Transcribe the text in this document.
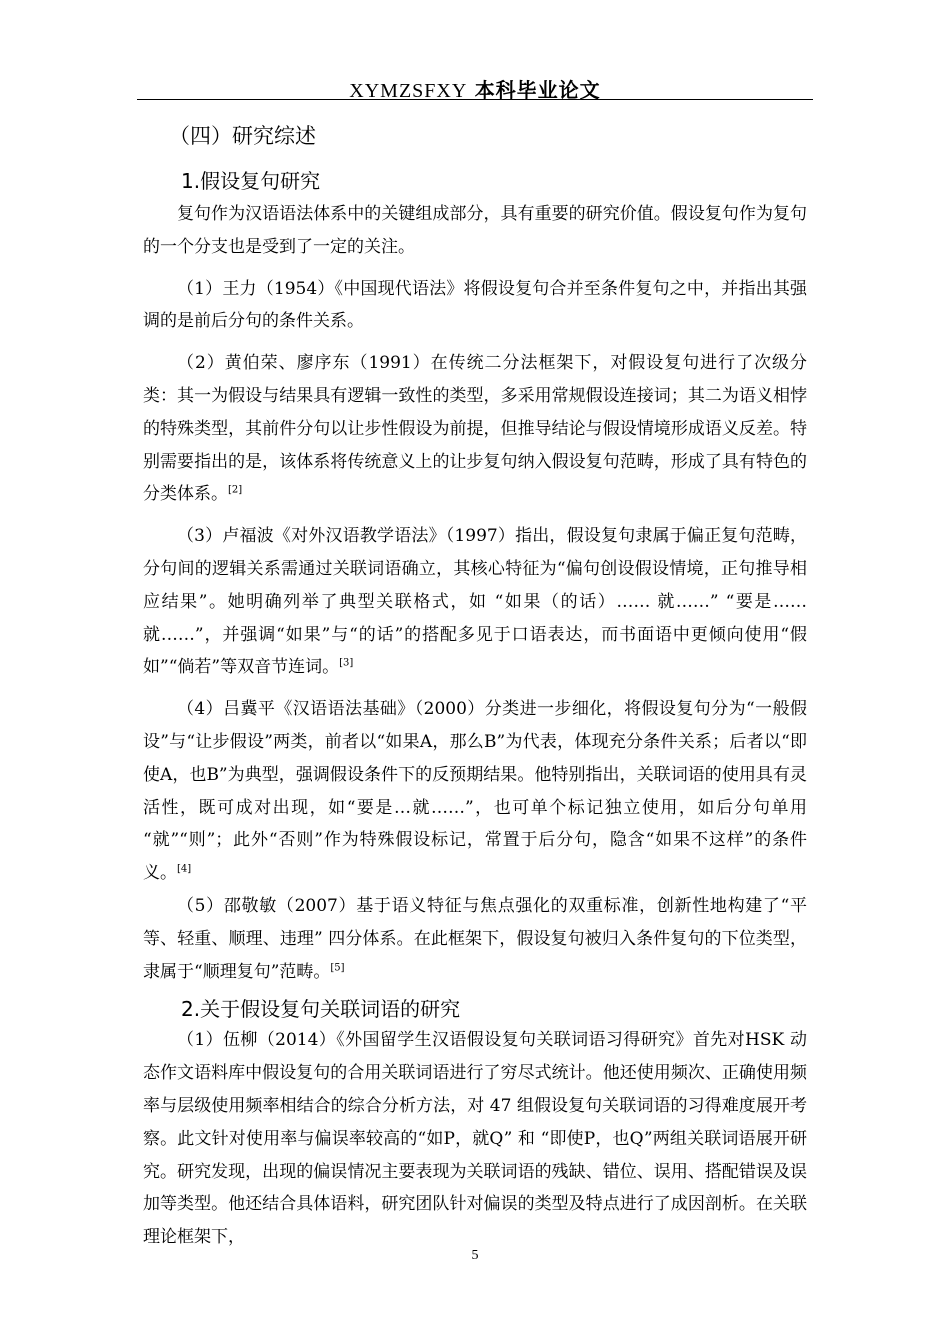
XYMZSFXY 本科毕业论文
（四）研究综述
1.假设复句研究

复句作为汉语语法体系中的关键组成部分，具有重要的研究价值。假设复句作为复句的一个分支也是受到了一定的关注。

（1）王力（1954）《中国现代语法》将假设复句合并至条件复句之中，并指出其强调的是前后分句的条件关系。

（2）黄伯荣、廖序东（1991）在传统二分法框架下，对假设复句进行了次级分类：其一为假设与结果具有逻辑一致性的类型，多采用常规假设连接词；其二为语义相悖的特殊类型，其前件分句以让步性假设为前提，但推导结论与假设情境形成语义反差。特别需要指出的是，该体系将传统意义上的让步复句纳入假设复句范畴，形成了具有特色的分类体系。[2]

（3）卢福波《对外汉语教学语法》（1997）指出，假设复句隶属于偏正复句范畴，分句间的逻辑关系需通过关联词语确立，其核心特征为“偏句创设假设情境，正句推导相应结果”。她明确列举了典型关联格式，如 “如果（的话）…… 就……” “要是…… 就……”，并强调“如果”与“的话”的搭配多见于口语表达，而书面语中更倾向使用“假如”“倘若”等双音节连词。[3]

（4）吕冀平《汉语语法基础》（2000）分类进一步细化，将假设复句分为“一般假设”与“让步假设”两类，前者以“如果A，那么B”为代表，体现充分条件关系；后者以“即使A，也B”为典型，强调假设条件下的反预期结果。他特别指出，关联词语的使用具有灵活性，既可成对出现，如“要是…就……”，也可单个标记独立使用，如后分句单用 “就”“则”；此外“否则”作为特殊假设标记，常置于后分句，隐含“如果不这样”的条件义。[4]

（5）邵敬敏（2007）基于语义特征与焦点强化的双重标准，创新性地构建了“平等、轻重、顺理、违理” 四分体系。在此框架下，假设复句被归入条件复句的下位类型，隶属于“顺理复句”范畴。[5]

2.关于假设复句关联词语的研究

（1）伍柳（2014）《外国留学生汉语假设复句关联词语习得研究》首先对HSK 动态作文语料库中假设复句的合用关联词语进行了穷尽式统计。他还使用频次、正确使用频率与层级使用频率相结合的综合分析方法，对 47 组假设复句关联词语的习得难度展开考察。此文针对使用率与偏误率较高的“如P，就Q” 和 “即使P，也Q”两组关联词语展开研究。研究发现，出现的偏误情况主要表现为关联词语的残缺、错位、误用、搭配错误及误加等类型。他还结合具体语料，研究团队针对偏误的类型及特点进行了成因剖析。在关联理论框架下，

5
